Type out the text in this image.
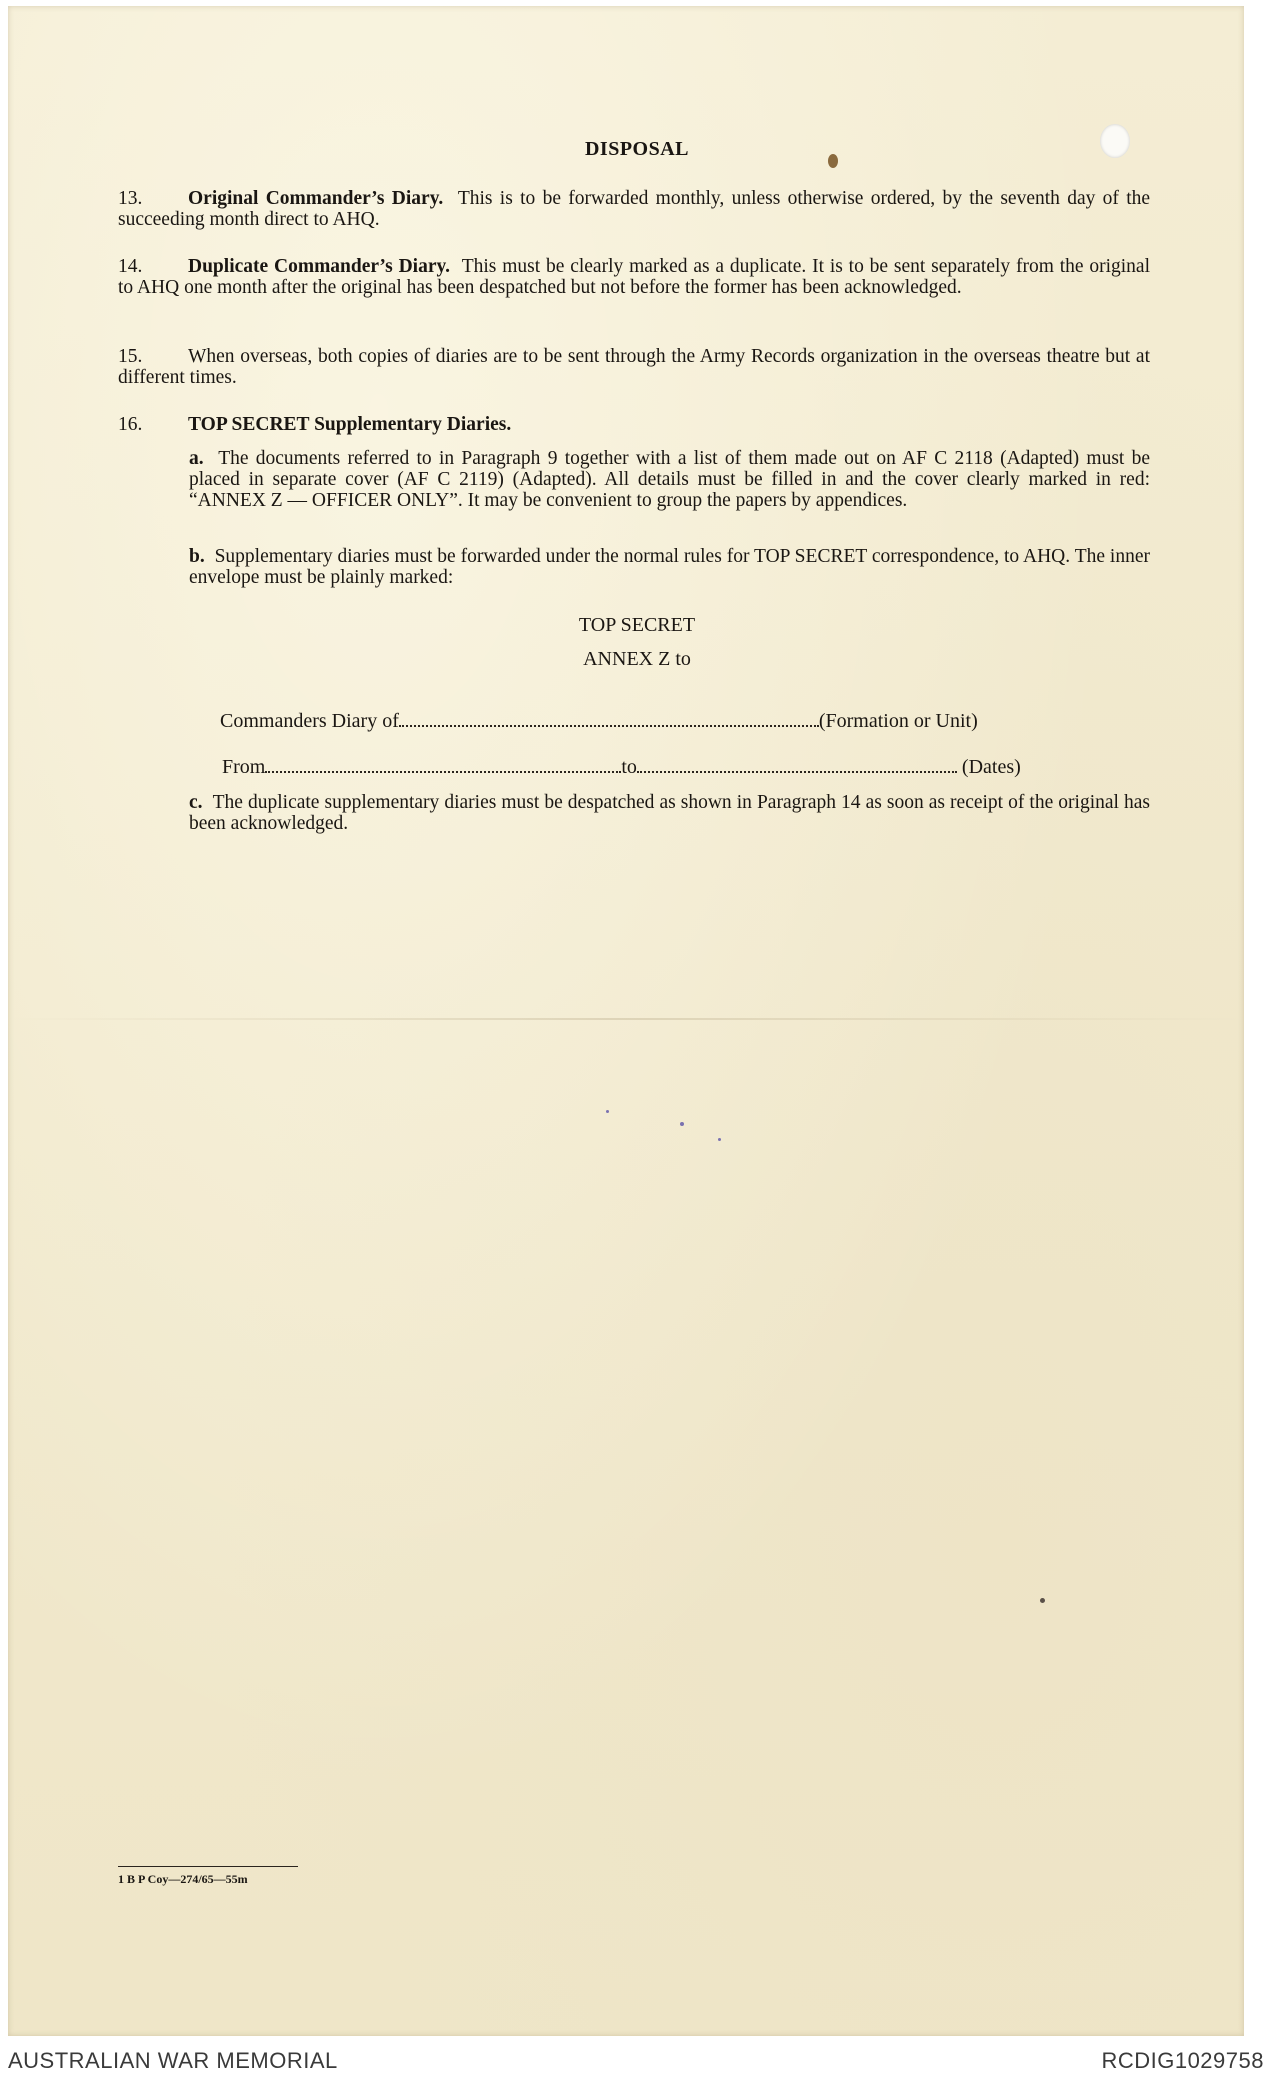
DISPOSAL
13. Original Commander’s Diary. This is to be forwarded monthly, unless otherwise ordered, by the seventh day of the succeeding month direct to AHQ.
14. Duplicate Commander’s Diary. This must be clearly marked as a duplicate. It is to be sent separately from the original to AHQ one month after the original has been despatched but not before the former has been acknowledged.
15. When overseas, both copies of diaries are to be sent through the Army Records organization in the overseas theatre but at different times.
16. TOP SECRET Supplementary Diaries.
a. The documents referred to in Paragraph 9 together with a list of them made out on AF C 2118 (Adapted) must be placed in separate cover (AF C 2119) (Adapted). All details must be filled in and the cover clearly marked in red: “ANNEX Z — OFFICER ONLY”. It may be convenient to group the papers by appendices.
b. Supplementary diaries must be forwarded under the normal rules for TOP SECRET correspondence, to AHQ. The inner envelope must be plainly marked:
TOP SECRET
ANNEX Z to
Commanders Diary of	(Formation or Unit)
From	to	(Dates)
c. The duplicate supplementary diaries must be despatched as shown in Paragraph 14 as soon as receipt of the original has been acknowledged.
1 B P Coy—274/65—55m
AUSTRALIAN WAR MEMORIAL	RCDIG1029758
